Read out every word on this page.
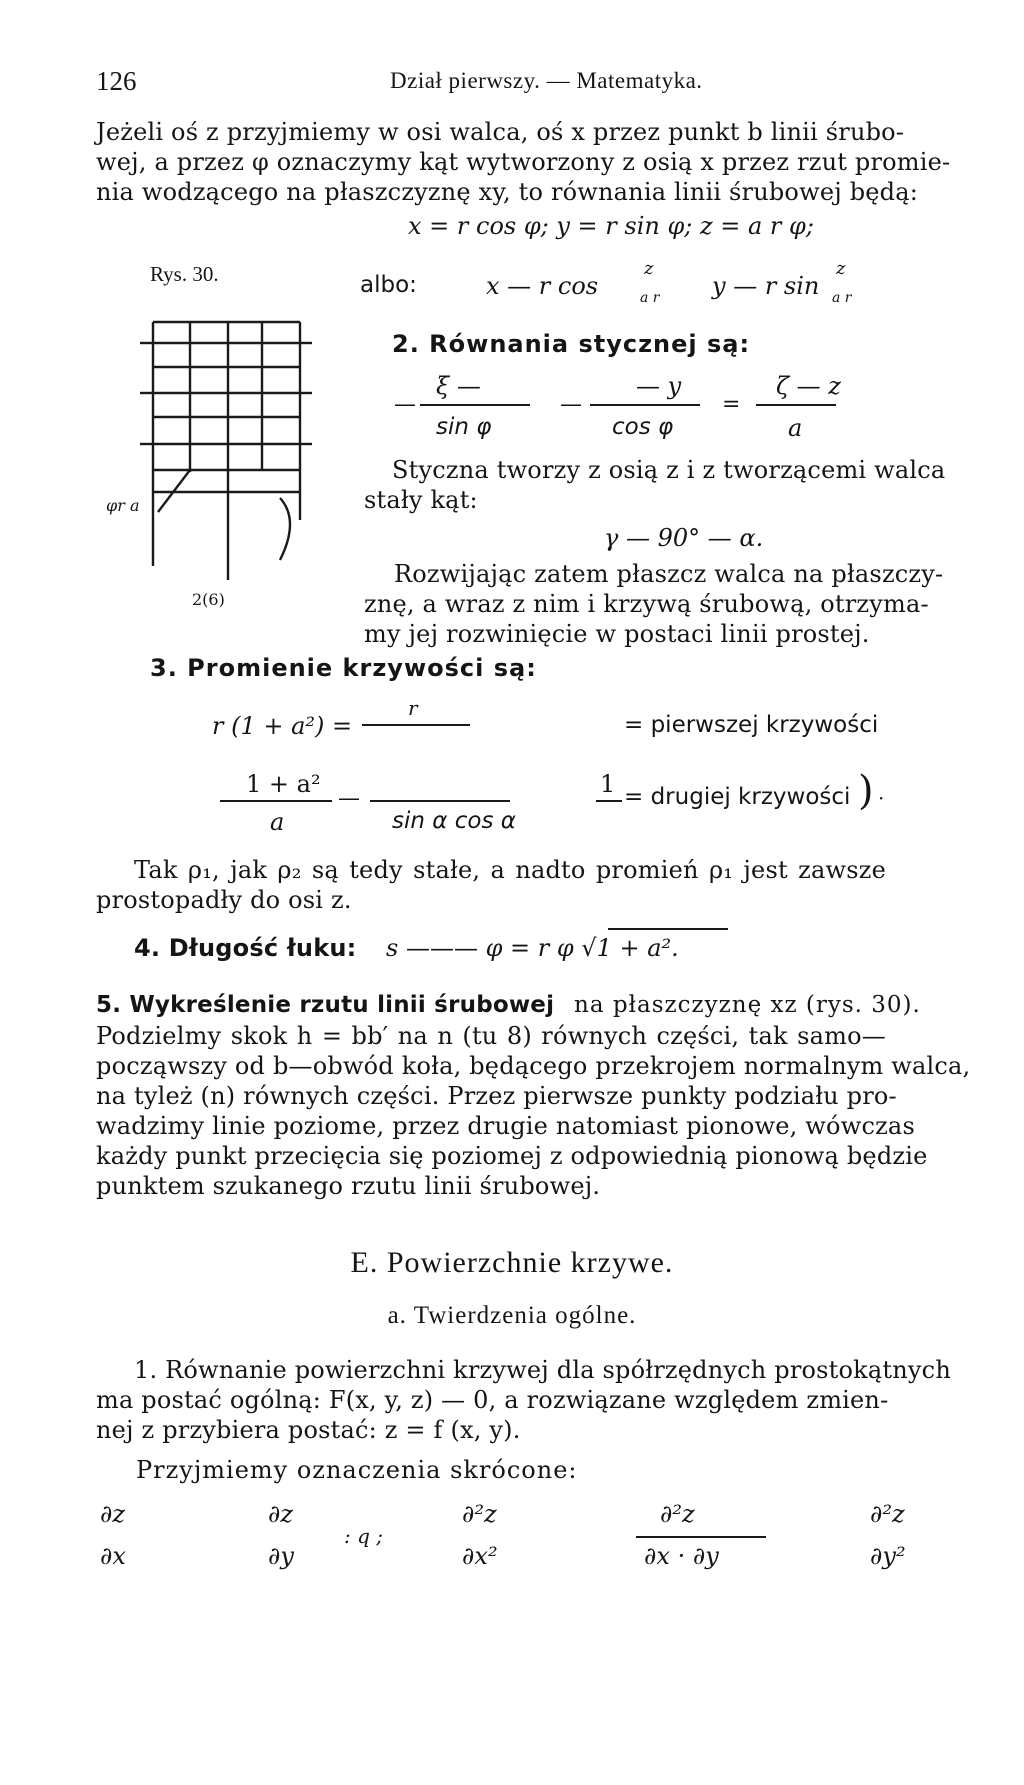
126	Dział pierwszy. — Matematyka.
Jeżeli oś z przyjmiemy w osi walca, oś x przez punkt b linii śrubo-
wej, a przez φ oznaczymy kąt wytworzony z osią x przez rzut promie-
nia wodzącego na płaszczyznę xy, to równania linii śrubowej będą:
x = r cos φ; y = r sin φ; z = a r φ;
Rys. 30.	albo:	x — r cos
z
a r y — r sin
z
a r
φr a
2(6)
2. Równania stycznej są:
ξ —	— y	ζ — z
—	—	=
sin φ	cos φ	a
Styczna tworzy z osią z i z tworzącemi walca
stały kąt:
γ — 90° — α.
Rozwijając zatem płaszcz walca na płaszczy-
znę, a wraz z nim i krzywą śrubową, otrzyma-
my jej rozwinięcie w postaci linii prostej.
3. Promienie krzywości są:
r (1 + a²) =
r
= pierwszej krzywości
1 + a²
—
a	sin α cos α
1 = drugiej krzywości ) ·
Tak ρ₁, jak ρ₂ są tedy stałe, a nadto promień ρ₁ jest zawsze
prostopadły do osi z.
4. Długość łuku: s ——— φ = r φ √1 + a².
5. Wykreślenie rzutu linii śrubowej na płaszczyznę xz (rys. 30).
Podzielmy skok h = bb′ na n (tu 8) równych części, tak samo—
począwszy od b—obwód koła, będącego przekrojem normalnym walca,
na tyleż (n) równych części. Przez pierwsze punkty podziału pro-
wadzimy linie poziome, przez drugie natomiast pionowe, wówczas
każdy punkt przecięcia się poziomej z odpowiednią pionową będzie
punktem szukanego rzutu linii śrubowej.
E. Powierzchnie krzywe.
a. Twierdzenia ogólne.
1. Równanie powierzchni krzywej dla spółrzędnych prostokątnych
ma postać ogólną: F(x, y, z) — 0, a rozwiązane względem zmien-
nej z przybiera postać: z = f (x, y).
Przyjmiemy oznaczenia skrócone:
∂z
∂x
∂z
∂y
: q ;
∂²z
∂x²
∂²z
∂x · ∂y
∂²z
∂y²
